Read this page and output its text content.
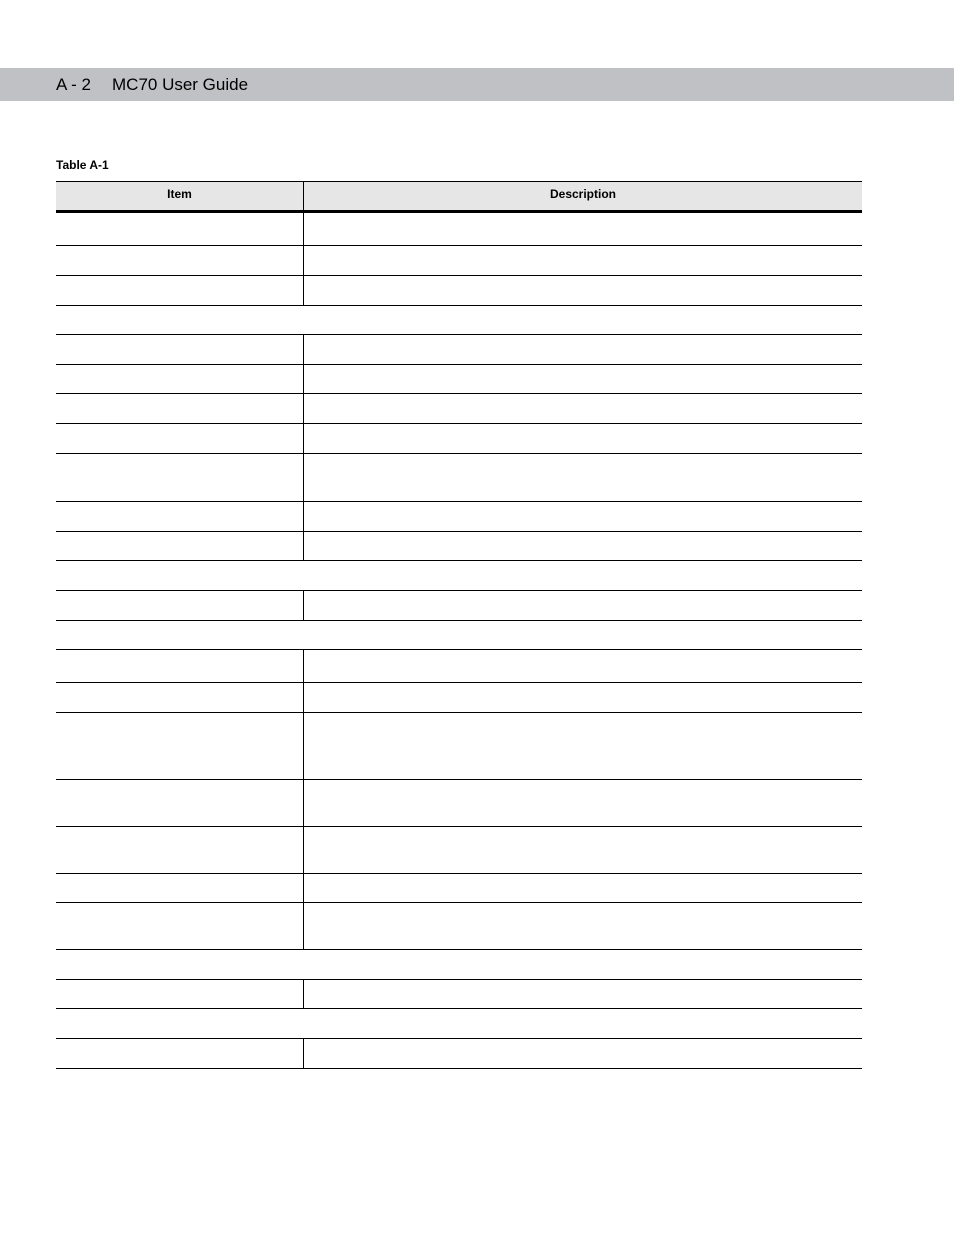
A - 2 MC70 User Guide
Table A-1
Item	Description
